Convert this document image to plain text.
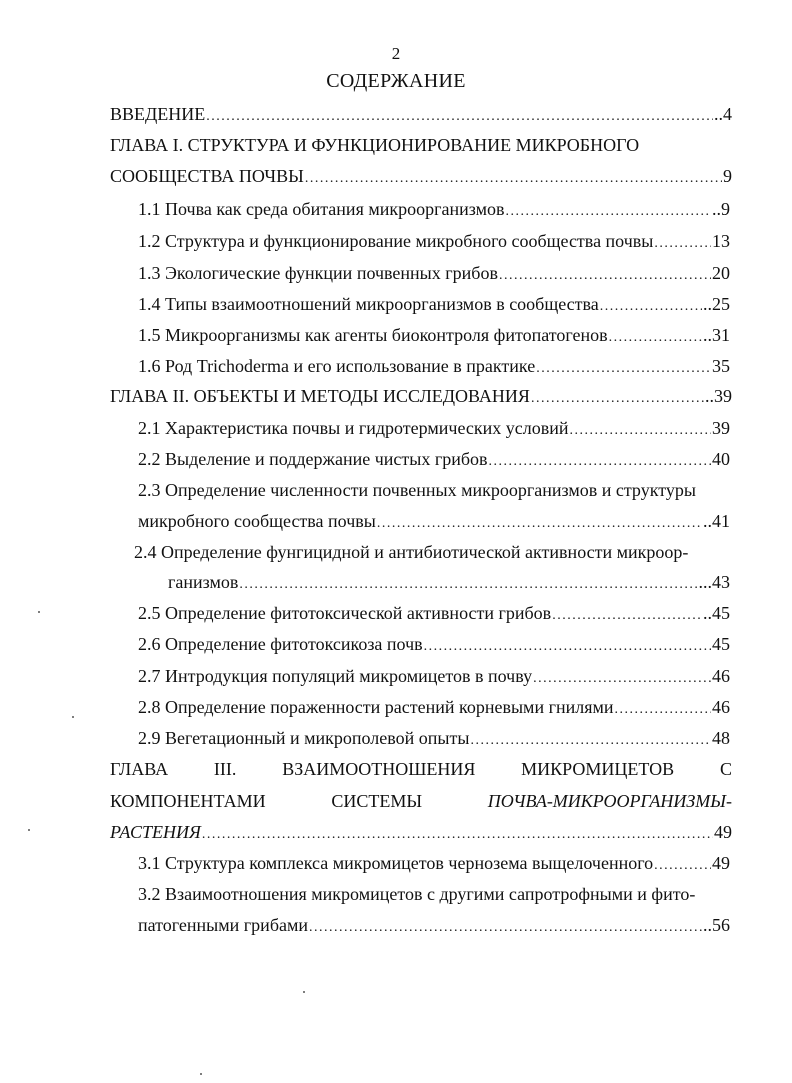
2
СОДЕРЖАНИЕ
ВВЕДЕНИЕ .....	..4
ГЛАВА I. СТРУКТУРА И ФУНКЦИОНИРОВАНИЕ МИКРОБНОГО
СООБЩЕСТВА ПОЧВЫ .....	9
1.1 Почва как среда обитания микроорганизмов .....	..9
1.2 Структура и функционирование микробного сообщества почвы .....	13
1.3 Экологические функции почвенных грибов .....	20
1.4 Типы взаимоотношений микроорганизмов в сообщества .....	..25
1.5 Микроорганизмы как агенты биоконтроля фитопатогенов .....	..31
1.6 Род Trichoderma и его использование в практике .....	35
ГЛАВА II. ОБЪЕКТЫ И МЕТОДЫ ИССЛЕДОВАНИЯ .....	..39
2.1 Характеристика почвы и гидротермических условий .....	39
2.2 Выделение и поддержание чистых грибов .....	40
2.3 Определение численности почвенных микроорганизмов и структуры
микробного сообщества почвы .....	..41
2.4 Определение фунгицидной и антибиотической активности микроор-
ганизмов .....	...43
2.5 Определение фитотоксической активности грибов .....	..45
2.6 Определение фитотоксикоза почв .....	45
2.7 Интродукция популяций микромицетов в почву .....	46
2.8 Определение пораженности растений корневыми гнилями .....	46
2.9 Вегетационный и микрополевой опыты .....	48
ГЛАВА	III.	ВЗАИМООТНОШЕНИЯ	МИКРОМИЦЕТОВ	С
КОМПОНЕНТАМИ	СИСТЕМЫ	ПОЧВА-МИКРООРГАНИЗМЫ-
РАСТЕНИЯ .....	49
3.1 Структура комплекса микромицетов чернозема выщелоченного .....	49
3.2 Взаимоотношения микромицетов с другими сапротрофными и фито-
патогенными грибами .....	..56
